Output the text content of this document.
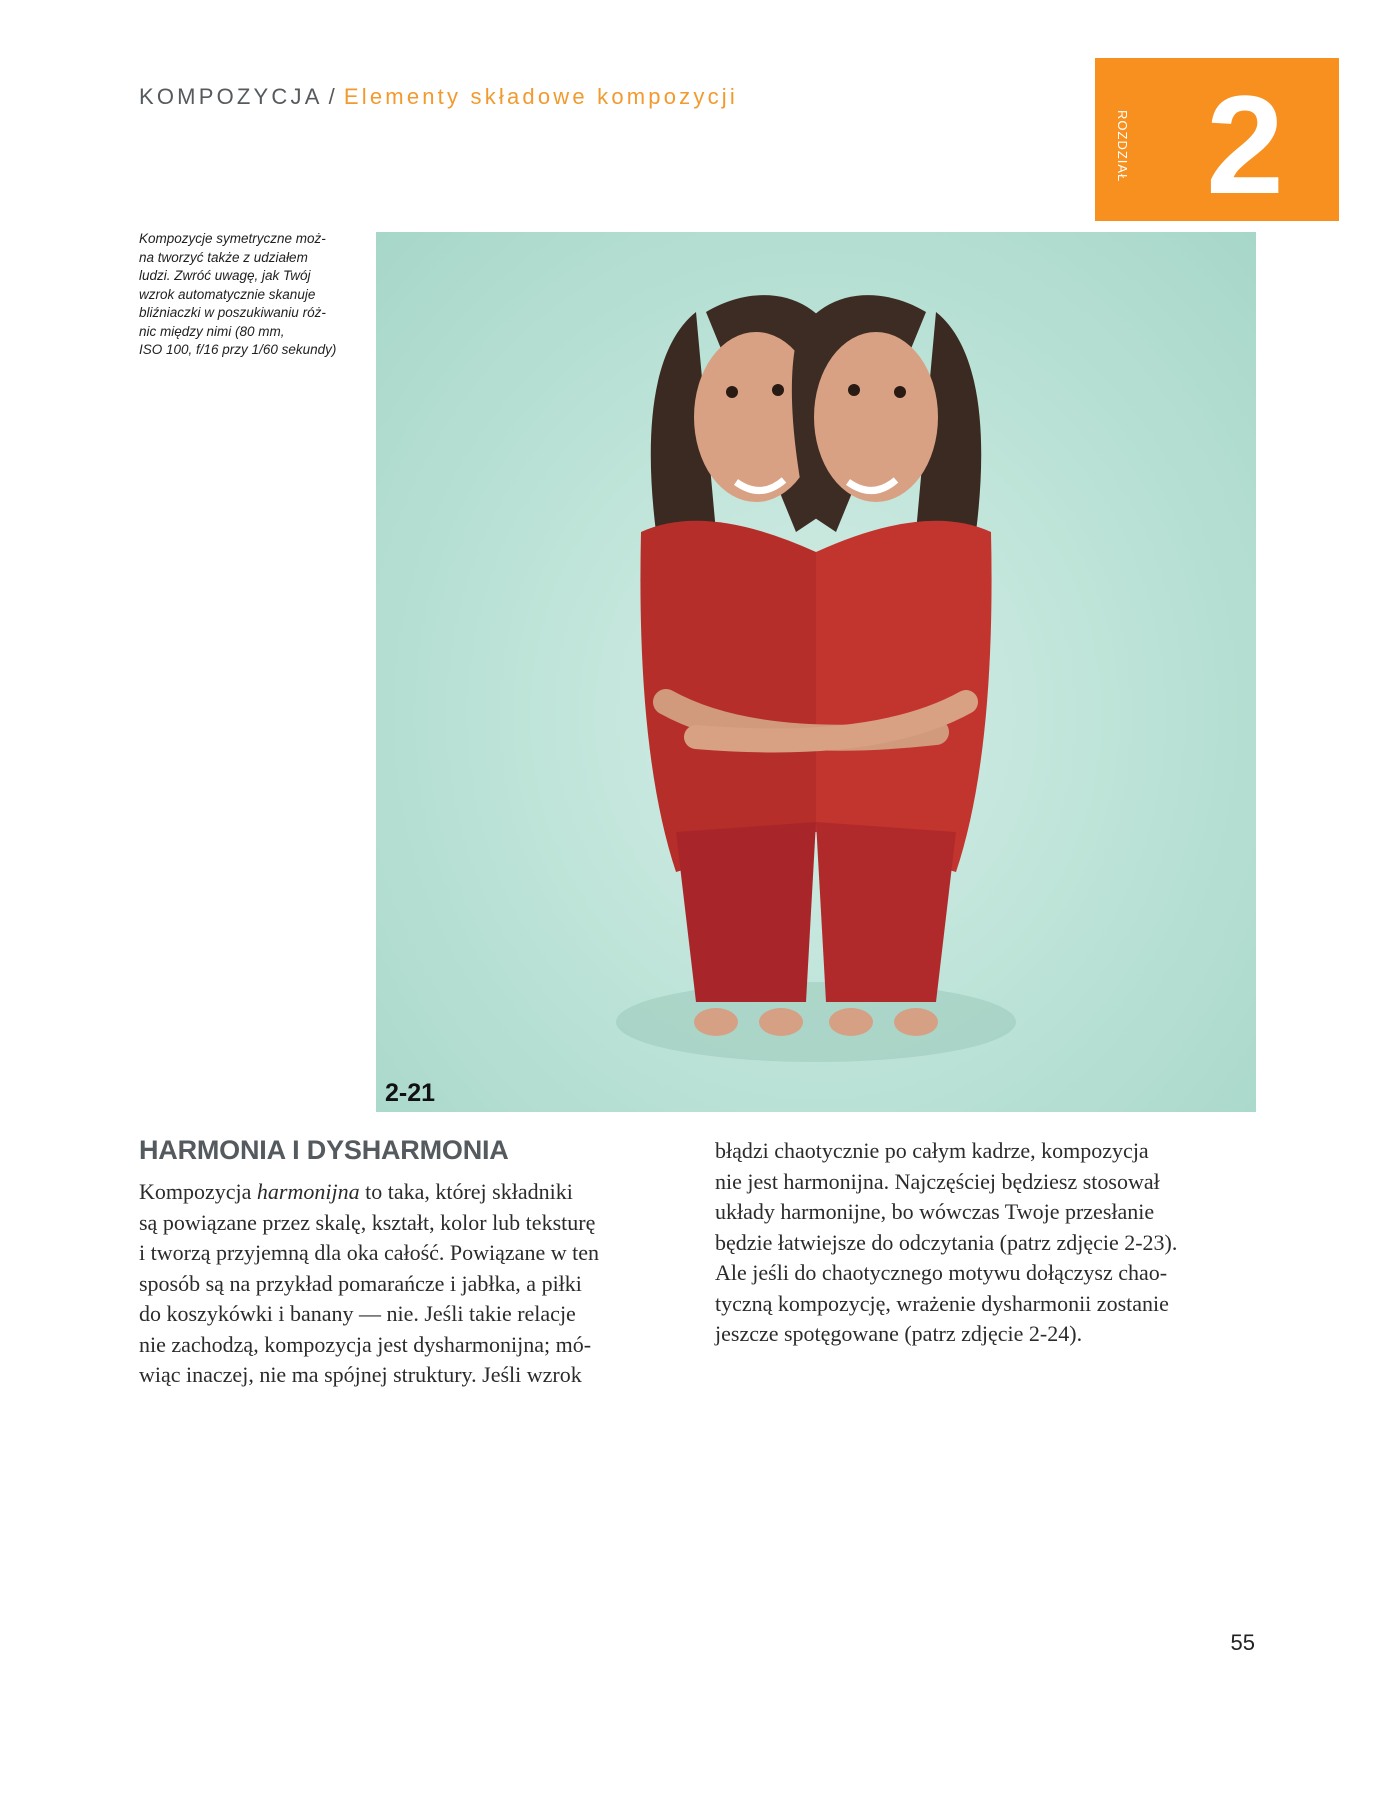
KOMPOZYCJA / Elementy składowe kompozycji
ROZDZIAŁ 2
Kompozycje symetryczne moż-
na tworzyć także z udziałem
ludzi. Zwróć uwagę, jak Twój
wzrok automatycznie skanuje
bliźniaczki w poszukiwaniu róż-
nic między nimi (80 mm,
ISO 100, f/16 przy 1/60 sekundy)
2-21
HARMONIA I DYSHARMONIA
Kompozycja harmonijna to taka, której składniki
są powiązane przez skalę, kształt, kolor lub teksturę
i tworzą przyjemną dla oka całość. Powiązane w ten
sposób są na przykład pomarańcze i jabłka, a piłki
do koszykówki i banany — nie. Jeśli takie relacje
nie zachodzą, kompozycja jest dysharmonijna; mó-
wiąc inaczej, nie ma spójnej struktury. Jeśli wzrok
błądzi chaotycznie po całym kadrze, kompozycja
nie jest harmonijna. Najczęściej będziesz stosował
układy harmonijne, bo wówczas Twoje przesłanie
będzie łatwiejsze do odczytania (patrz zdjęcie 2-23).
Ale jeśli do chaotycznego motywu dołączysz chao-
tyczną kompozycję, wrażenie dysharmonii zostanie
jeszcze spotęgowane (patrz zdjęcie 2-24).
55
